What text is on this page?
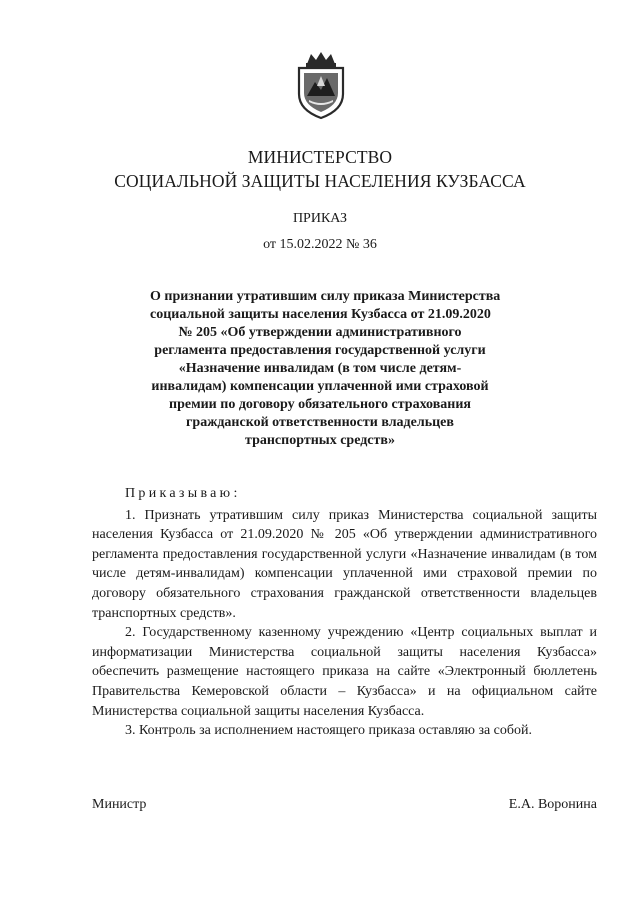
МИНИСТЕРСТВО
СОЦИАЛЬНОЙ ЗАЩИТЫ НАСЕЛЕНИЯ КУЗБАССА
ПРИКАЗ
от 15.02.2022 № 36
О признании утратившим силу приказа Министерства
социальной защиты населения Кузбасса от 21.09.2020
№ 205 «Об утверждении административного
регламента предоставления государственной услуги
«Назначение инвалидам (в том числе детям-
инвалидам) компенсации уплаченной ими страховой
премии по договору обязательного страхования
гражданской ответственности владельцев
транспортных средств»

Приказываю:

1. Признать утратившим силу приказ Министерства социальной защиты населения Кузбасса от 21.09.2020 № 205 «Об утверждении административного регламента предоставления государственной услуги «Назначение инвалидам (в том числе детям-инвалидам) компенсации уплаченной ими страховой премии по договору обязательного страхования гражданской ответственности владельцев транспортных средств».

2. Государственному казенному учреждению «Центр социальных выплат и информатизации Министерства социальной защиты населения Кузбасса» обеспечить размещение настоящего приказа на сайте «Электронный бюллетень Правительства Кемеровской области – Кузбасса» и на официальном сайте Министерства социальной защиты населения Кузбасса.

3. Контроль за исполнением настоящего приказа оставляю за собой.

Министр	Е.А. Воронина
